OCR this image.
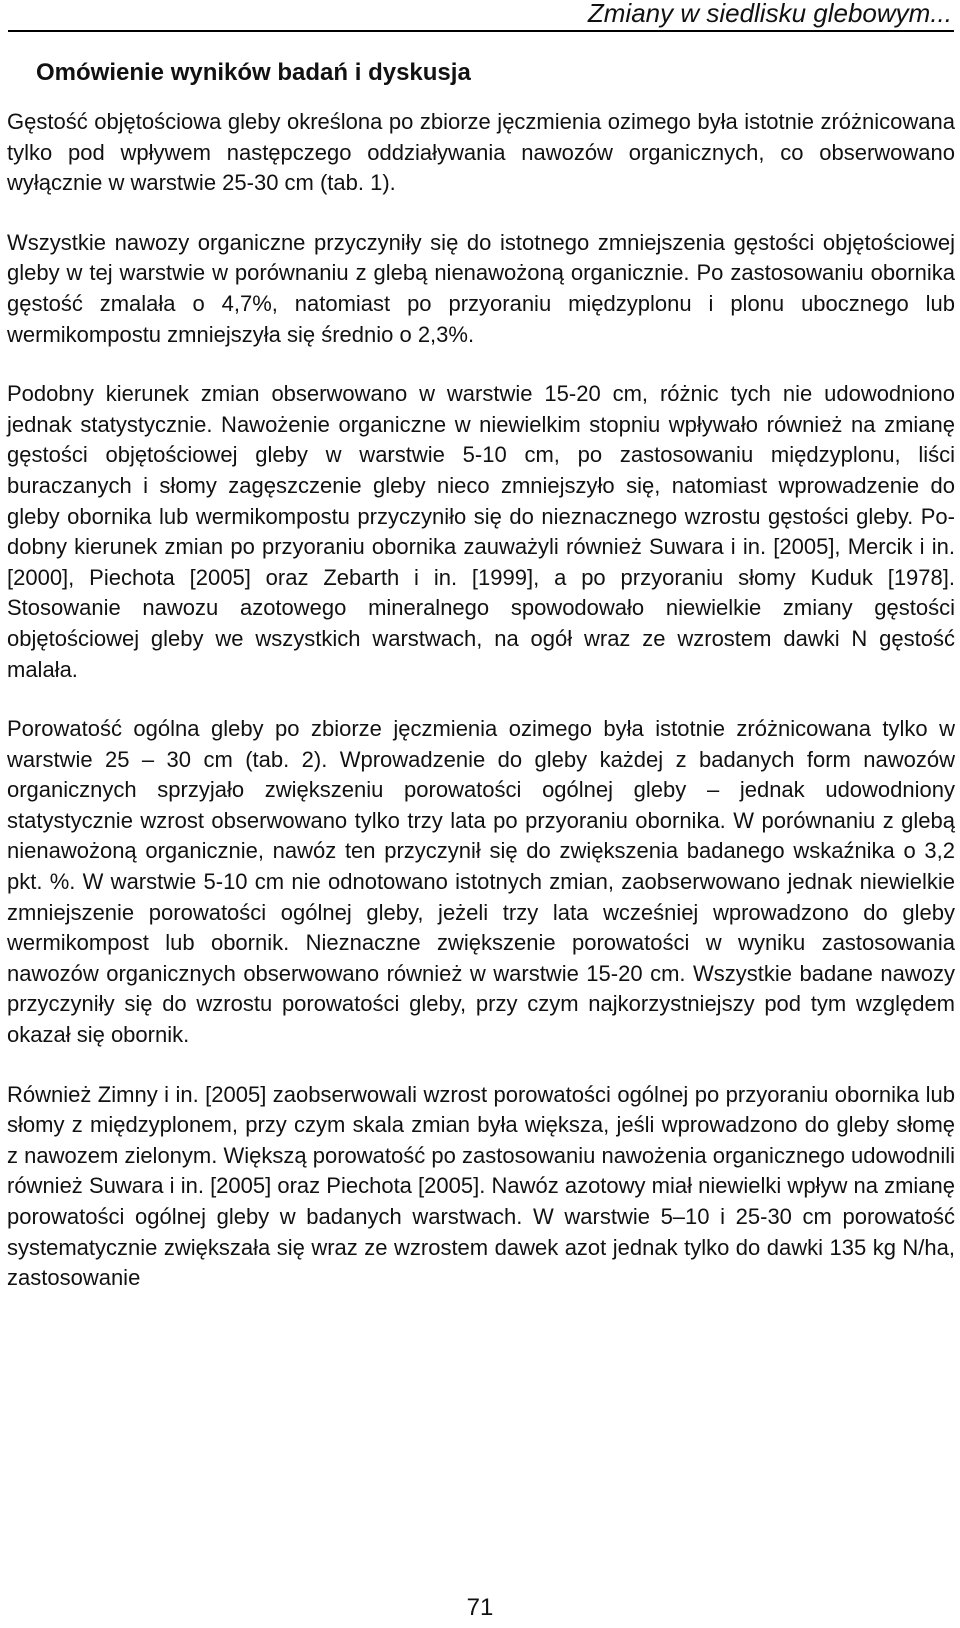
Zmiany w siedlisku glebowym...
Omówienie wyników badań i dyskusja

Gęstość objętościowa gleby określona po zbiorze jęczmienia ozimego była istotnie zróżnicowana tylko pod wpływem następczego oddziaływania nawozów organicznych, co obserwowano wyłącznie w warstwie 25-30 cm (tab. 1).

Wszystkie nawozy organiczne przyczyniły się do istotnego zmniejszenia gęstości objętościowej gleby w tej warstwie w porównaniu z glebą nienawożoną organicznie. Po zastosowaniu obornika gęstość zmalała o 4,7%, natomiast po przyoraniu międzyplonu i plonu ubocznego lub wermikompostu zmniejszyła się średnio o 2,3%.

Podobny kierunek zmian obserwowano w warstwie 15-20 cm, różnic tych nie udowodniono jednak statystycznie. Nawożenie organiczne w niewielkim stopniu wpływało również na zmianę gęstości objętościowej gleby w warstwie 5-​10 cm, po zastosowaniu międzyplonu, liści buraczanych i słomy zagęszczenie gleby nieco zmniejszyło się, natomiast wprowadzenie do gleby obornika lub wermikompostu przyczyniło się do nieznacznego wzrostu gęstości gleby. Podobny kierunek zmian po przyoraniu obornika zauważyli również Suwara i in. [2005], Mercik i in. [2000], Piechota [2005] oraz Zebarth i in. [1999], a po przyoraniu słomy Kuduk [1978]. Stosowanie nawozu azotowego mineralnego spowodowało niewielkie zmiany gęstości objętościowej gleby we wszystkich warstwach, na ogół wraz ze wzrostem dawki N gęstość malała.

Porowatość ogólna gleby po zbiorze jęczmienia ozimego była istotnie zróżnicowana tylko w warstwie 25 – 30 cm (tab. 2). Wprowadzenie do gleby każdej z badanych form nawozów organicznych sprzyjało zwiększeniu porowatości ogólnej gleby – jednak udowodniony statystycznie wzrost obserwowano tylko trzy lata po przyoraniu obornika. W porównaniu z glebą nienawożoną organicznie, nawóz ten przyczynił się do zwiększenia badanego wskaźnika o 3,2 pkt. %. W warstwie 5-10 cm nie odnotowano istotnych zmian, zaobserwowano jednak niewielkie zmniejszenie porowatości ogólnej gleby, jeżeli trzy lata wcześniej wprowadzono do gleby wermikompost lub obornik. Nieznaczne zwiększenie porowatości w wyniku zastosowania nawozów organicznych obserwowano również w warstwie 15-20 cm. Wszystkie badane nawozy przyczyniły się do wzrostu porowatości gleby, przy czym najkorzystniejszy pod tym względem okazał się obornik.

Również Zimny i in. [2005] zaobserwowali wzrost porowatości ogólnej po przyoraniu obornika lub słomy z międzyplonem, przy czym skala zmian była większa, jeśli wprowadzono do gleby słomę z nawozem zielonym. Większą porowatość po zastosowaniu nawożenia organicznego udowodnili również Suwara i in. [2005] oraz Piechota [2005]. Nawóz azotowy miał niewielki wpływ na zmianę porowatości ogólnej gleby w badanych warstwach. W warstwie 5–10 i 25-30 cm porowatość systematycznie zwiększała się wraz ze wzrostem dawek azot jednak tylko do dawki 135 kg N/ha, zastosowanie

71
